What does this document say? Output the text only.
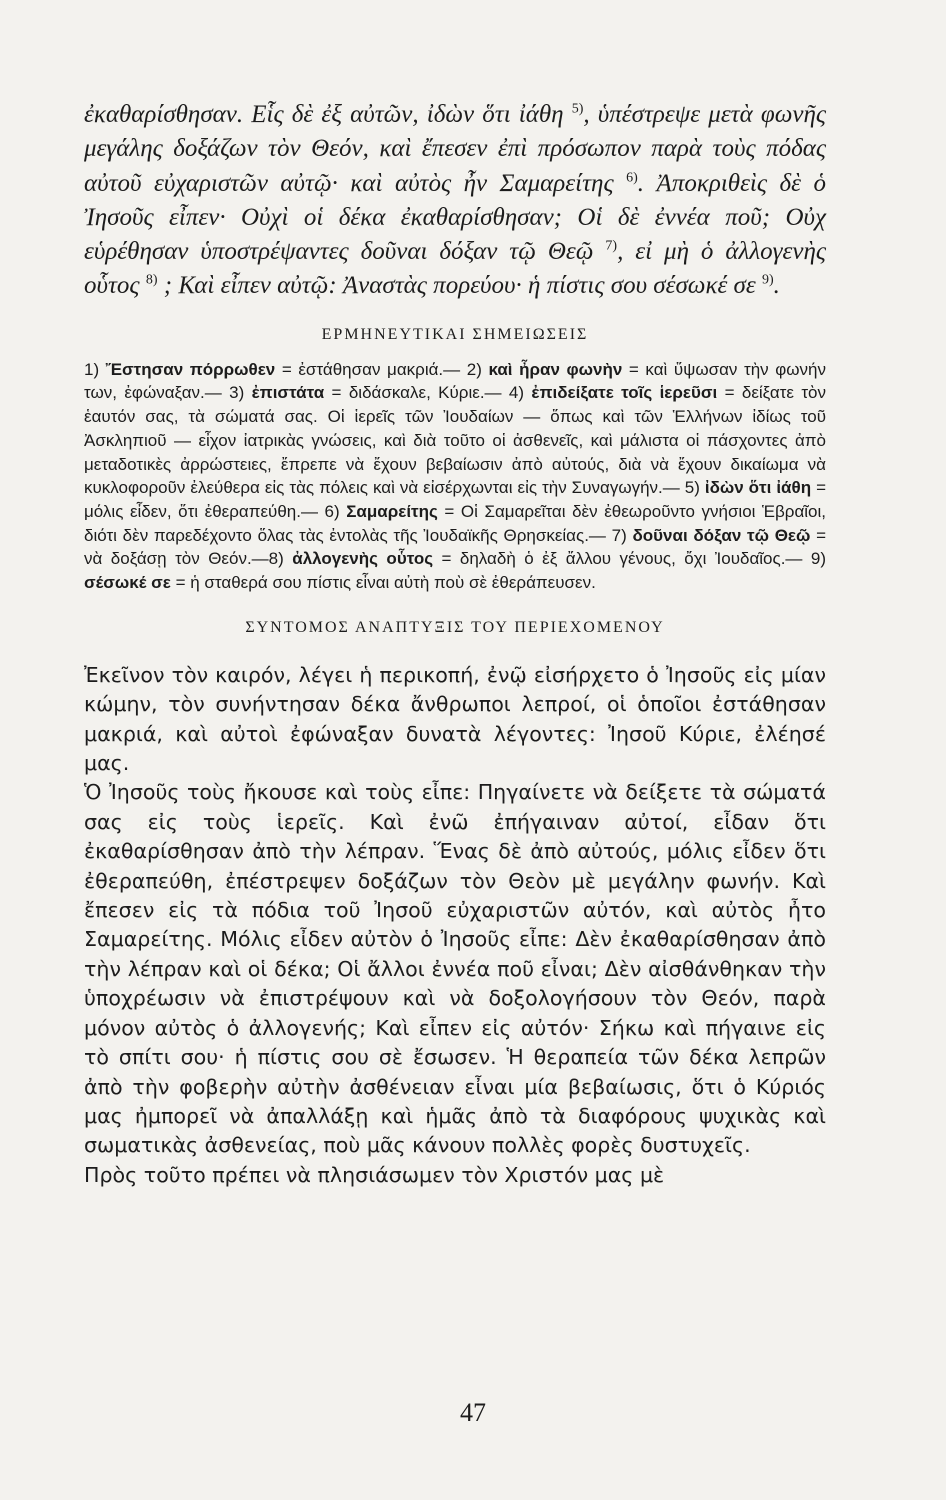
ἐκαθαρίσθησαν. Εἷς δὲ ἐξ αὐτῶν, ἰδὼν ὅτι ἰάθη $^{5)}$, ὑπέστρεψε μετὰ φωνῆς μεγάλης δοξάζων τὸν Θεόν, καὶ ἔπεσεν ἐπὶ πρόσωπον παρὰ τοὺς πόδας αὐτοῦ εὐχαριστῶν αὐτῷ· καὶ αὐτὸς ἦν Σαμαρείτης $^{6)}$. Ἀποκριθεὶς δὲ ὁ Ἰησοῦς εἶπεν· Οὐχὶ οἱ δέκα ἐκαθαρίσθησαν; Οἱ δὲ ἐννέα ποῦ; Οὐχ εὑρέθησαν ὑποστρέψαντες δοῦναι δόξαν τῷ Θεῷ $^{7)}$, εἰ μὴ ὁ ἀλλογενὴς οὗτος $^{8)}$ ; Καὶ εἶπεν αὐτῷ: Ἀναστὰς πορεύου· ἡ πίστις σου σέσωκέ σε $^{9)}$.

ΕΡΜΗΝΕΥΤΙΚΑΙ ΣΗΜΕΙΩΣΕΙΣ
1) Ἔστησαν πόρρωθεν = ἐστάθησαν μακριά.— 2) καὶ ἦραν φωνὴν = καὶ ὕψωσαν τὴν φωνήν των, ἐφώναξαν.— 3) ἐπιστάτα = διδάσκαλε, Κύριε.— 4) ἐπιδείξατε τοῖς ἱερεῦσι = δείξατε τὸν ἑαυτόν σας, τὰ σώματά σας. Οἱ ἱερεῖς τῶν Ἰουδαίων — ὅπως καὶ τῶν Ἑλλήνων ἰδίως τοῦ Ἀσκληπιοῦ — εἶχον ἰατρικὰς γνώσεις, καὶ διὰ τοῦτο οἱ ἀσθενεῖς, καὶ μάλιστα οἱ πάσχοντες ἀπὸ μεταδοτικὲς ἀρρώστειες, ἔπρεπε νὰ ἔχουν βεβαίωσιν ἀπὸ αὐτούς, διὰ νὰ ἔχουν δικαίωμα νὰ κυκλοφοροῦν ἐλεύθερα εἰς τὰς πόλεις καὶ νὰ εἰσέρχωνται εἰς τὴν Συναγωγήν.— 5) ἰδὼν ὅτι ἰάθη = μόλις εἶδεν, ὅτι ἐθεραπεύθη.— 6) Σαμαρείτης = Οἱ Σαμαρεῖται δὲν ἐθεωροῦντο γνήσιοι Ἑβραῖοι, διότι δὲν παρεδέχοντο ὅλας τὰς ἐντολὰς τῆς Ἰουδαϊκῆς Θρησκείας.— 7) δοῦναι δόξαν τῷ Θεῷ = νὰ δοξάσῃ τὸν Θεόν.—8) ἀλλογενὴς οὗτος = δηλαδὴ ὁ ἐξ ἄλλου γένους, ὄχι Ἰουδαῖος.— 9) σέσωκέ σε = ἡ σταθερά σου πίστις εἶναι αὐτὴ ποὺ σὲ ἐθεράπευσεν.
ΣΥΝΤΟΜΟΣ ΑΝΑΠΤΥΞΙΣ ΤΟΥ ΠΕΡΙΕΧΟΜΕΝΟΥ

Ἐκεῖνον τὸν καιρόν, λέγει ἡ περικοπή, ἐνῷ εἰσήρχετο ὁ Ἰησοῦς εἰς μίαν κώμην, τὸν συνήντησαν δέκα ἄνθρωποι λεπροί, οἱ ὁποῖοι ἐστάθησαν μακριά, καὶ αὐτοὶ ἐφώναξαν δυνατὰ λέγοντες: Ἰησοῦ Κύριε, ἐλέησέ μας.

Ὁ Ἰησοῦς τοὺς ἤκουσε καὶ τοὺς εἶπε: Πηγαίνετε νὰ δείξετε τὰ σώματά σας εἰς τοὺς ἱερεῖς. Καὶ ἐνῶ ἐπήγαιναν αὐτοί, εἶδαν ὅτι ἐκαθαρίσθησαν ἀπὸ τὴν λέπραν. Ἕνας δὲ ἀπὸ αὐτούς, μόλις εἶδεν ὅτι ἐθεραπεύθη, ἐπέστρεψεν δοξάζων τὸν Θεὸν μὲ μεγάλην φωνήν. Καὶ ἔπεσεν εἰς τὰ πόδια τοῦ Ἰησοῦ εὐχαριστῶν αὐτόν, καὶ αὐτὸς ἦτο Σαμαρείτης. Μόλις εἶδεν αὐτὸν ὁ Ἰησοῦς εἶπε: Δὲν ἐκαθαρίσθησαν ἀπὸ τὴν λέπραν καὶ οἱ δέκα; Οἱ ἄλλοι ἐννέα ποῦ εἶναι; Δὲν αἰσθάνθηκαν τὴν ὑποχρέωσιν νὰ ἐπιστρέψουν καὶ νὰ δοξολογήσουν τὸν Θεόν, παρὰ μόνον αὐτὸς ὁ ἀλλογενής; Καὶ εἶπεν εἰς αὐτόν· Σήκω καὶ πήγαινε εἰς τὸ σπίτι σου· ἡ πίστις σου σὲ ἔσωσεν. Ἡ θεραπεία τῶν δέκα λεπρῶν ἀπὸ τὴν φοβερὴν αὐτὴν ἀσθένειαν εἶναι μία βεβαίωσις, ὅτι ὁ Κύριός μας ἠμπορεῖ νὰ ἀπαλλάξῃ καὶ ἡμᾶς ἀπὸ τὰ διαφόρους ψυχικὰς καὶ σωματικὰς ἀσθενείας, ποὺ μᾶς κάνουν πολλὲς φορὲς δυστυχεῖς.

Πρὸς τοῦτο πρέπει νὰ πλησιάσωμεν τὸν Χριστόν μας μὲ

47
